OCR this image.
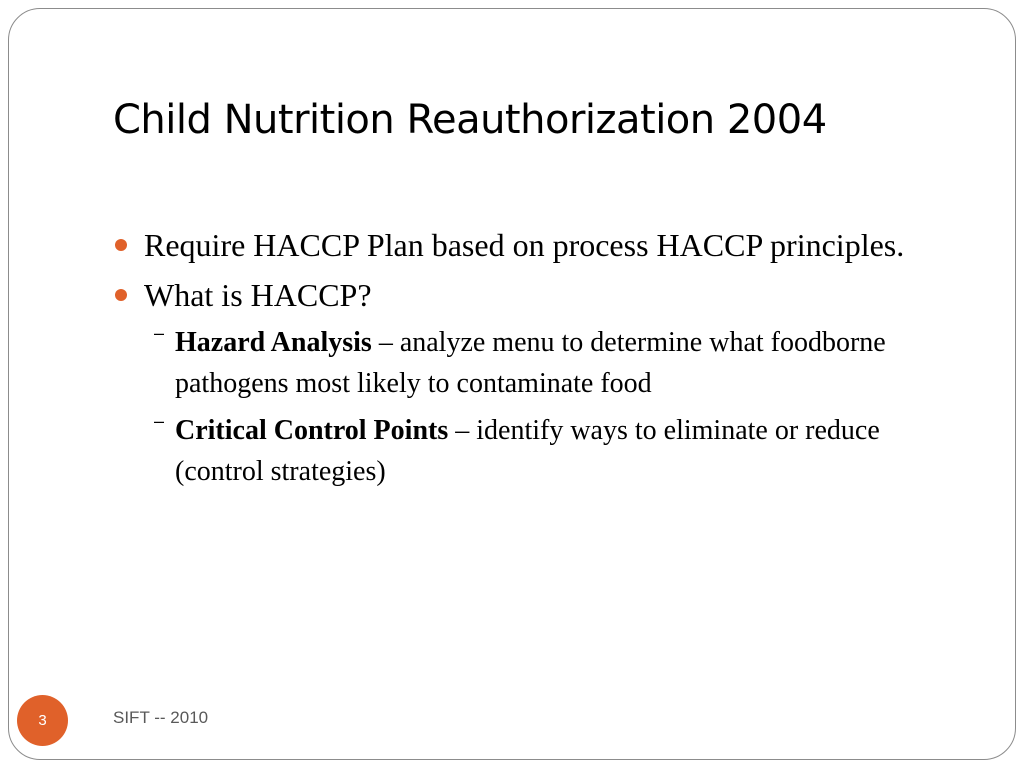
Child Nutrition Reauthorization 2004
Require HACCP Plan based on process HACCP principles.
What is HACCP?
– Hazard Analysis – analyze menu to determine what foodborne pathogens most likely to contaminate food
– Critical Control Points – identify ways to eliminate or reduce (control strategies)
3	SIFT -- 2010
